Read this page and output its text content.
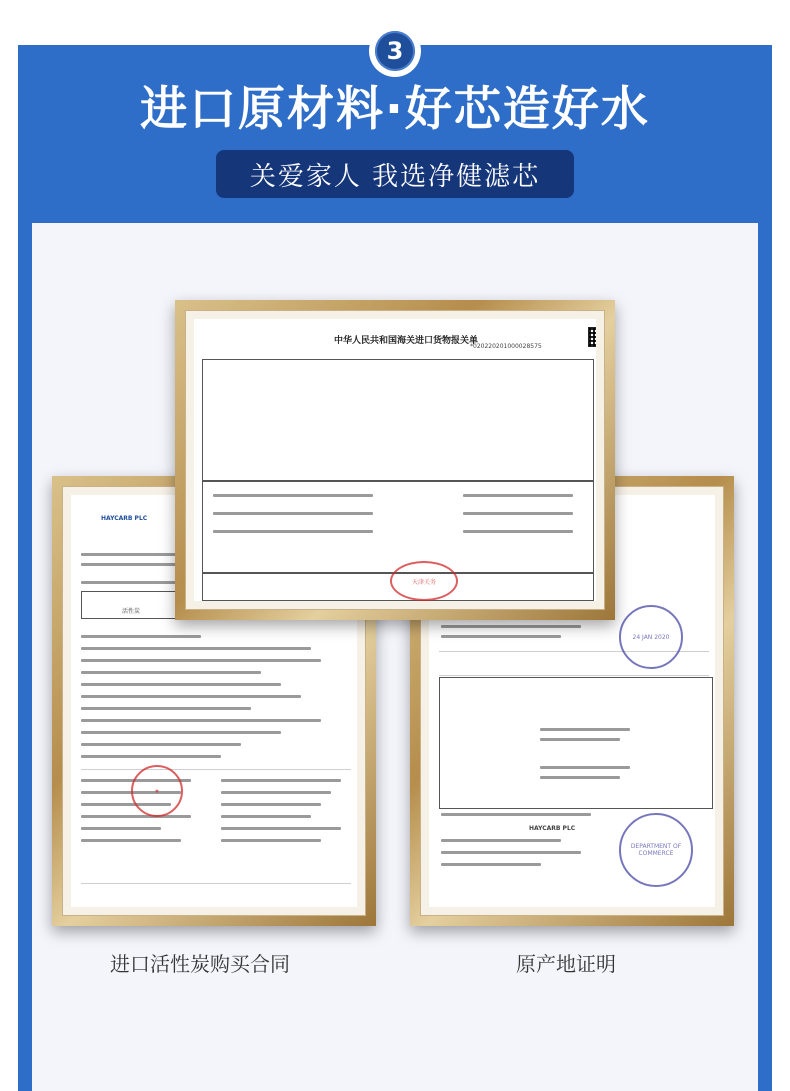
3
进口原材料·好芯造好水
关爱家人 我选净健滤芯
HAYCARB PLC
活性炭
★
HAYCARB PLC
24 JAN 2020
DEPARTMENT OF COMMERCE
中华人民共和国海关进口货物报关单
*020220201000028575
天津关务
进口活性炭购买合同	原产地证明
